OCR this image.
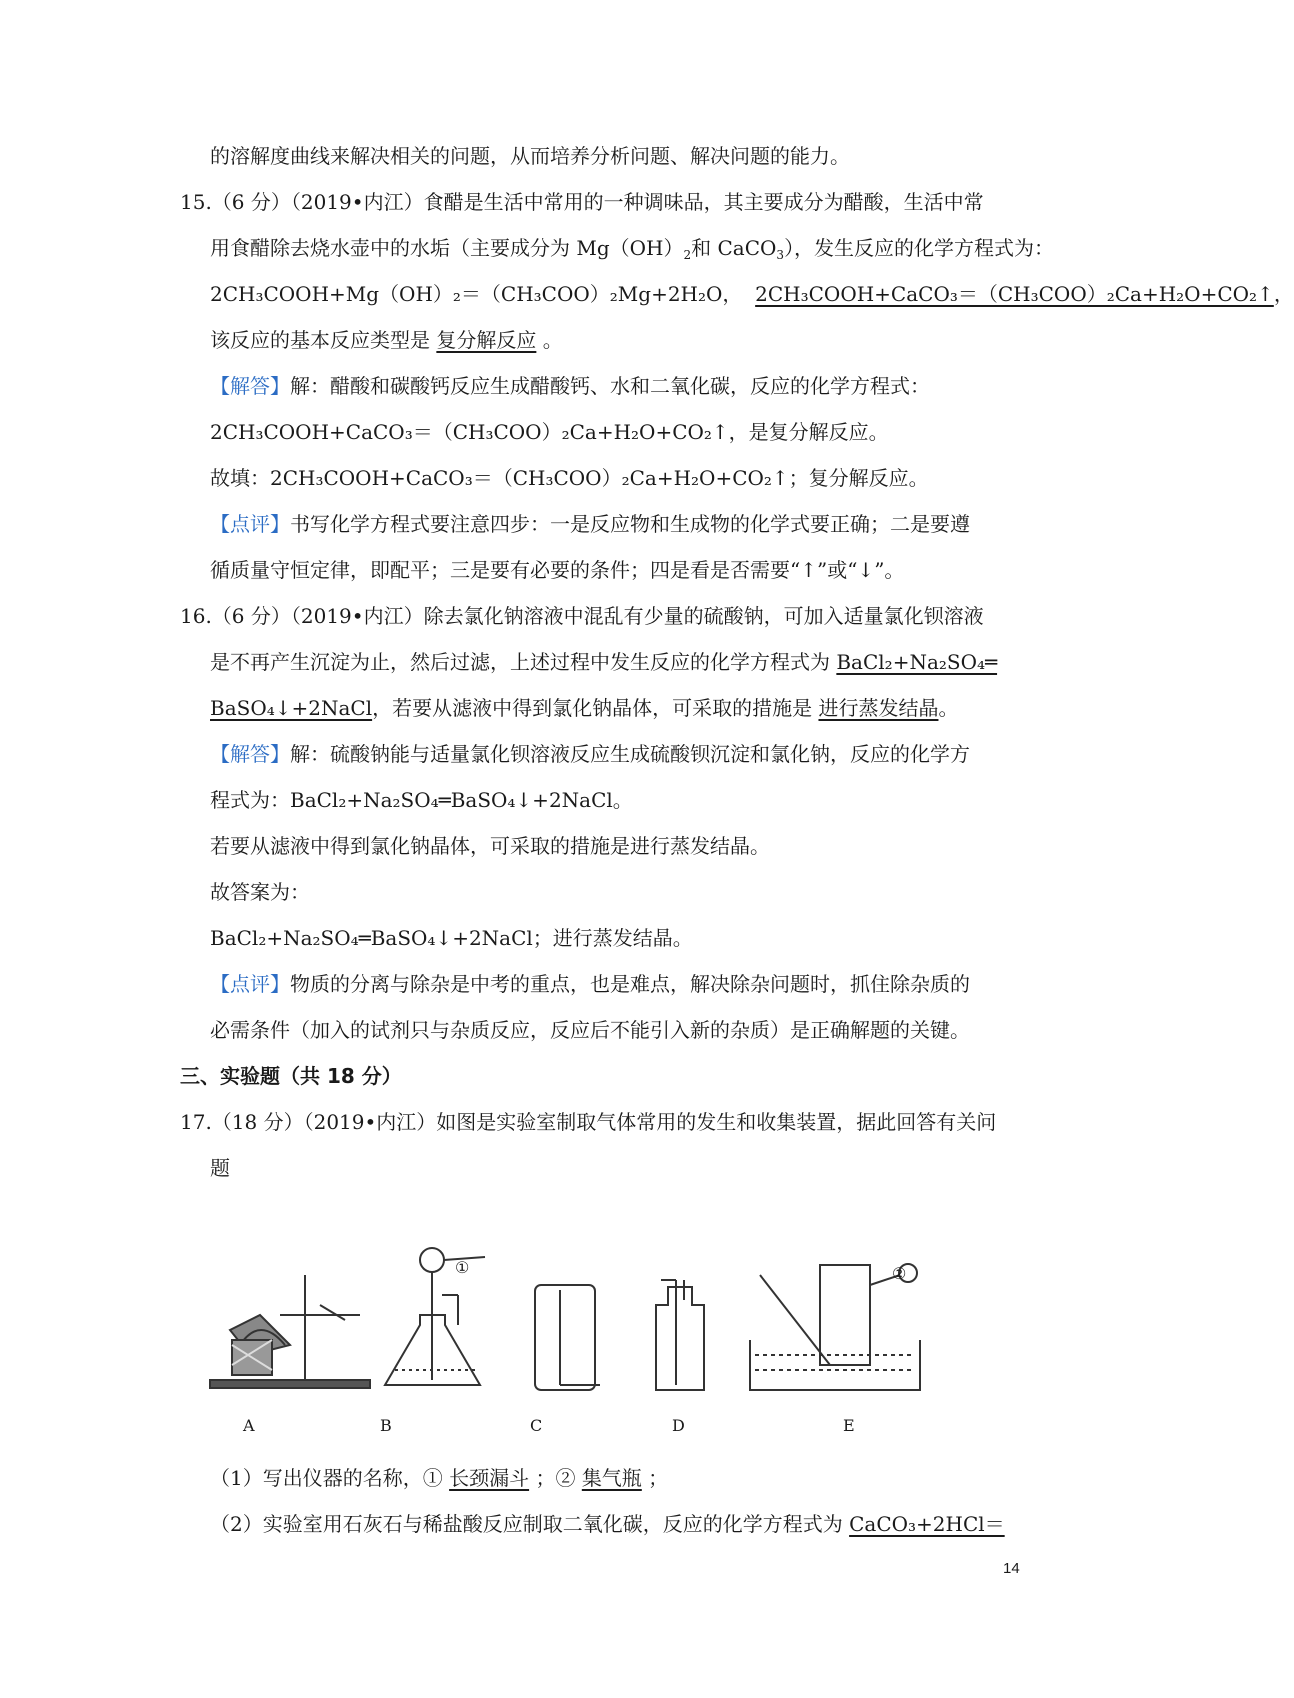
的溶解度曲线来解决相关的问题，从而培养分析问题、解决问题的能力。
15.（6 分）（2019•内江）食醋是生活中常用的一种调味品，其主要成分为醋酸，生活中常
用食醋除去烧水壶中的水垢（主要成分为 $Mg(OH)_2$和 CaCO$_3$），发生反应的化学方程式为：
2CH₃COOH+Mg（OH）₂＝（CH₃COO）₂Mg+2H₂O， 2CH₃COOH+CaCO₃＝（CH₃COO）₂Ca+H₂O+CO₂↑，
该反应的基本反应类型是 复分解反应 。
【解答】解：醋酸和碳酸钙反应生成醋酸钙、水和二氧化碳，反应的化学方程式：
2CH₃COOH+CaCO₃＝（CH₃COO）₂Ca+H₂O+CO₂↑，是复分解反应。
故填：2CH₃COOH+CaCO₃＝（CH₃COO）₂Ca+H₂O+CO₂↑；复分解反应。
【点评】书写化学方程式要注意四步：一是反应物和生成物的化学式要正确；二是要遵
循质量守恒定律，即配平；三是要有必要的条件；四是看是否需要“↑”或“↓”。
16.（6 分）（2019•内江）除去氯化钠溶液中混乱有少量的硫酸钠，可加入适量氯化钡溶液
是不再产生沉淀为止，然后过滤，上述过程中发生反应的化学方程式为 BaCl₂+Na₂SO₄═
BaSO₄↓+2NaCl，若要从滤液中得到氯化钠晶体，可采取的措施是 进行蒸发结晶。
【解答】解：硫酸钠能与适量氯化钡溶液反应生成硫酸钡沉淀和氯化钠，反应的化学方
程式为：BaCl₂+Na₂SO₄═BaSO₄↓+2NaCl。
若要从滤液中得到氯化钠晶体，可采取的措施是进行蒸发结晶。
故答案为：
BaCl₂+Na₂SO₄═BaSO₄↓+2NaCl；进行蒸发结晶。
【点评】物质的分离与除杂是中考的重点，也是难点，解决除杂问题时，抓住除杂质的
必需条件（加入的试剂只与杂质反应，反应后不能引入新的杂质）是正确解题的关键。
三、实验题（共 18 分）
17.（18 分）（2019•内江）如图是实验室制取气体常用的发生和收集装置，据此回答有关问
题
A	B	C	D	E
①	②
（1）写出仪器的名称，① 长颈漏斗 ；② 集气瓶 ；
（2）实验室用石灰石与稀盐酸反应制取二氧化碳，反应的化学方程式为 CaCO₃+2HCl＝
14
